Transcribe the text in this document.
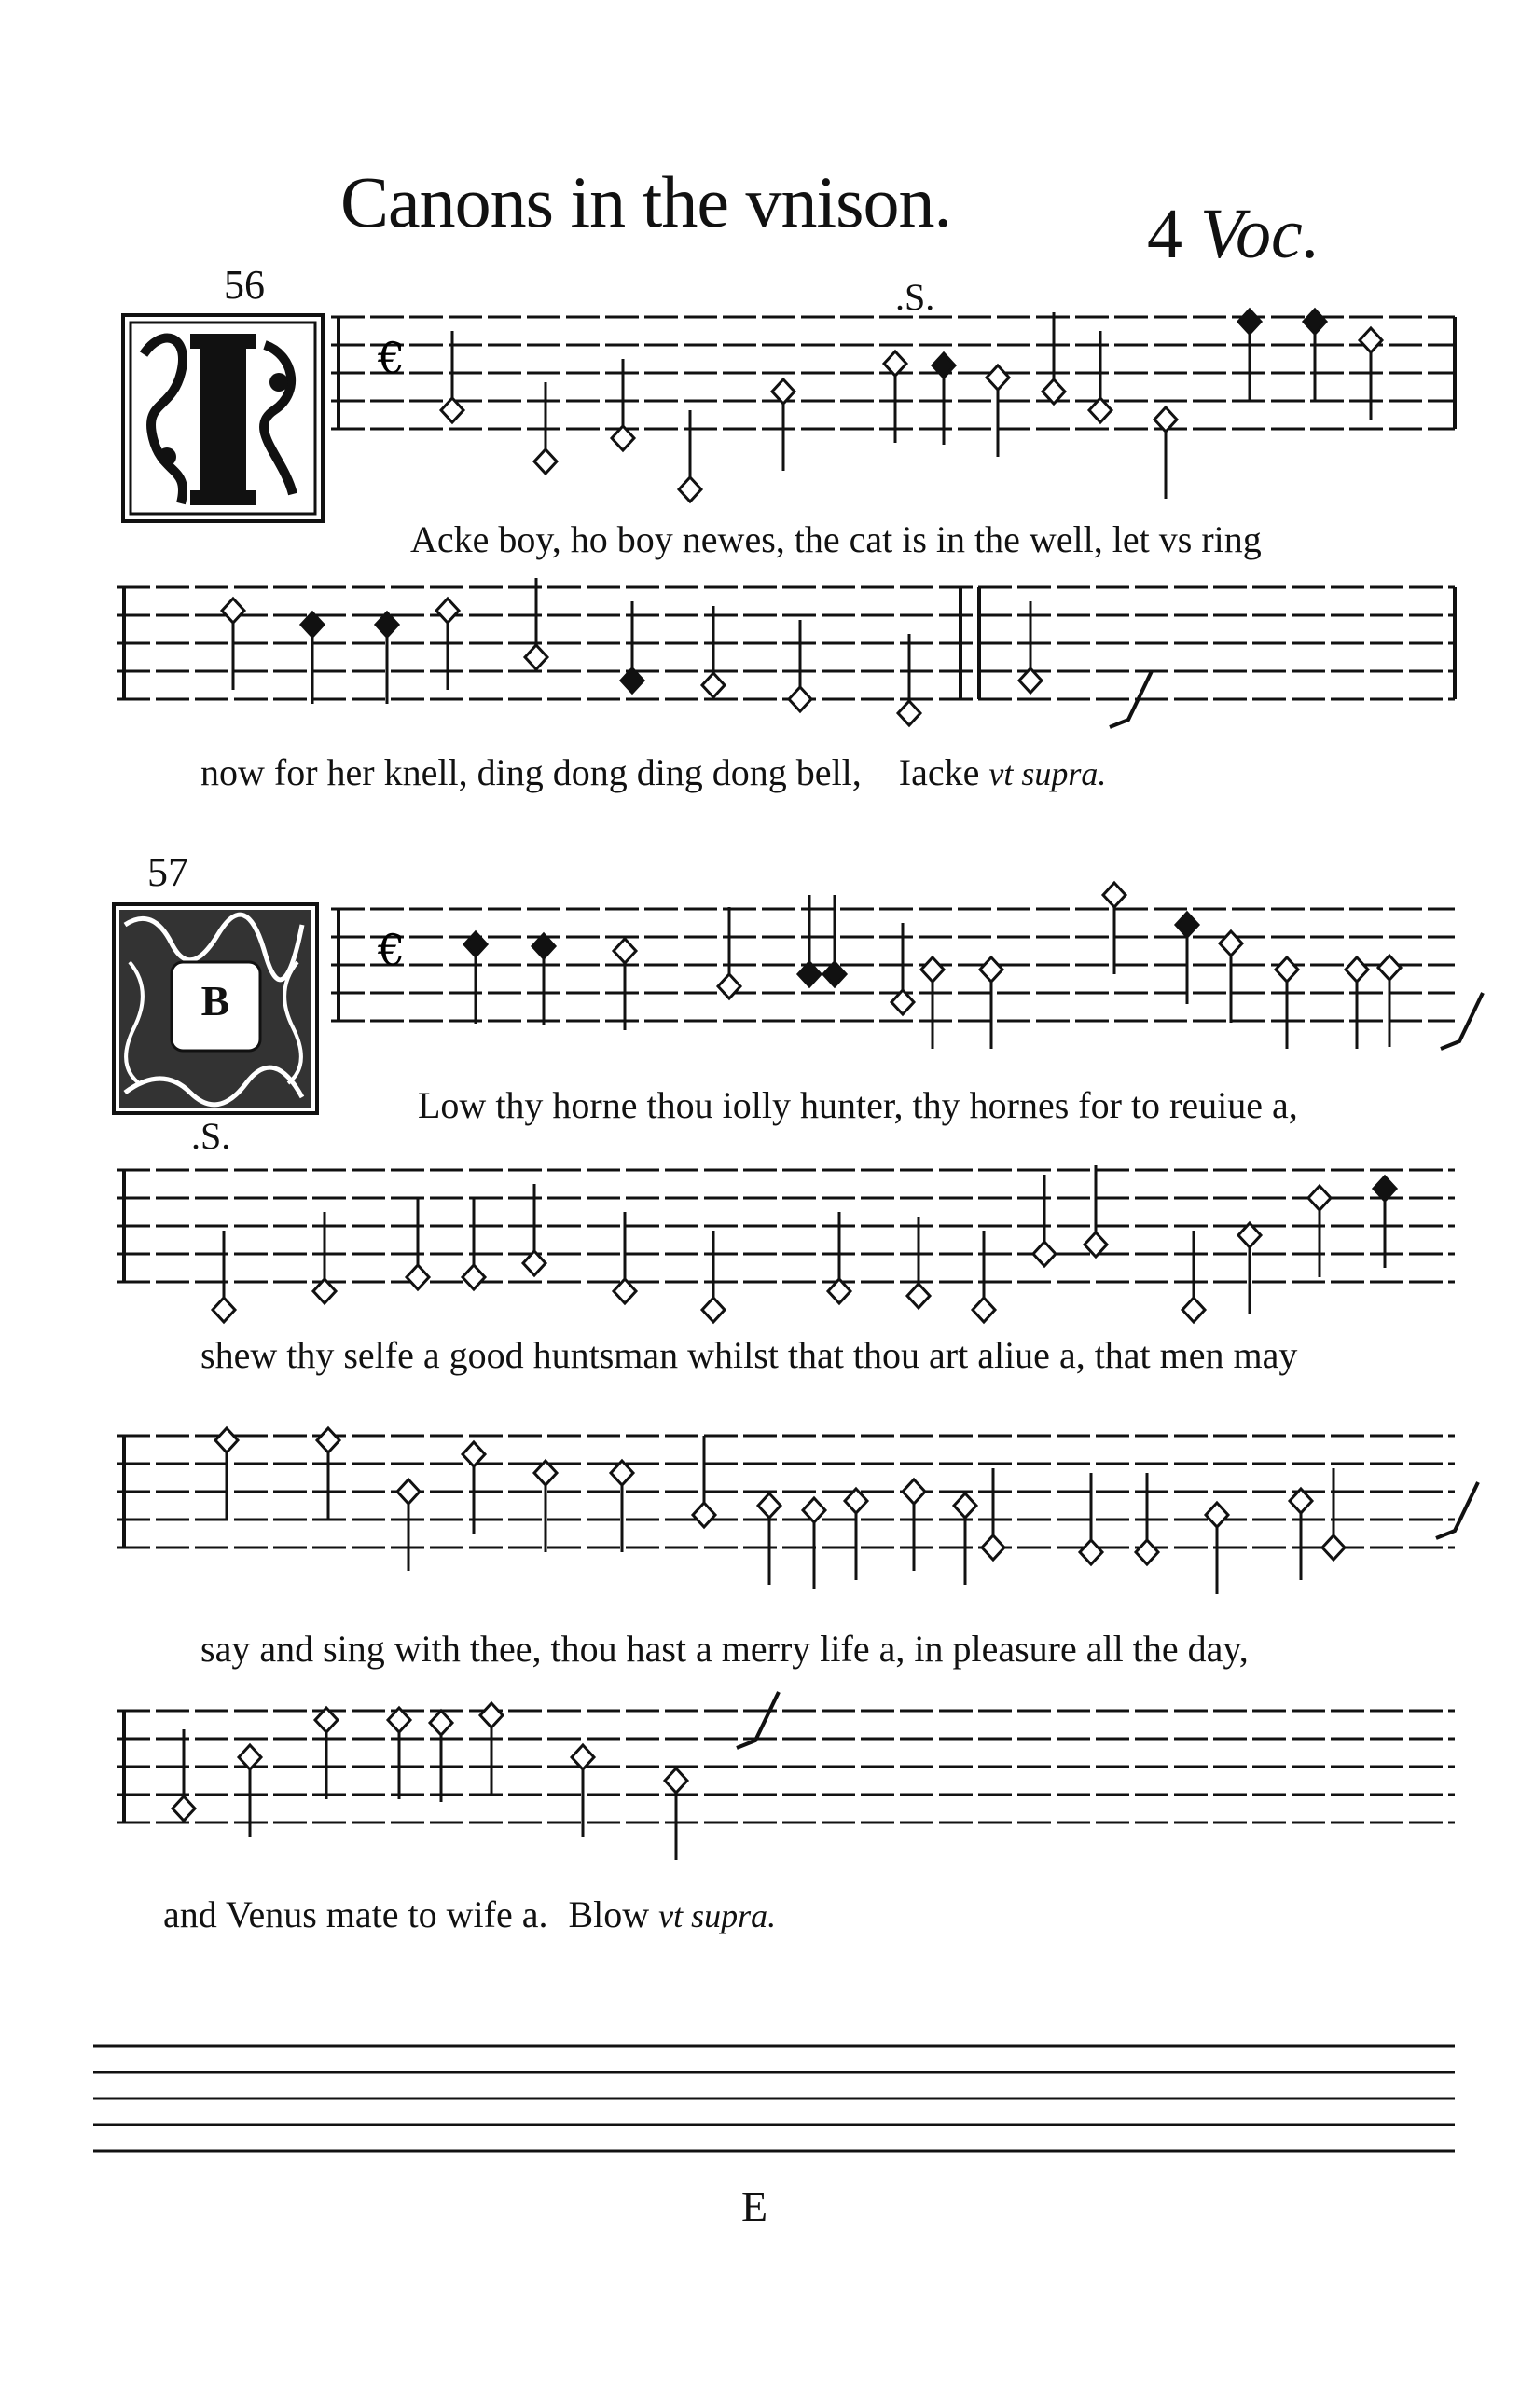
Canons in the vnison.	4 Voc.
56	.S.
Acke boy, ho boy newes, the cat is in the well, let vs ring
now for her knell, ding dong ding dong bell, Iacke vt supra.
57
.S.
B
Low thy horne thou iolly hunter, thy hornes for to reuiue a,
shew thy selfe a good huntsman whilst that thou art aliue a, that men may
say and sing with thee, thou hast a merry life a, in pleasure all the day,
and Venus mate to wife a. Blow vt supra.
E
€
€
